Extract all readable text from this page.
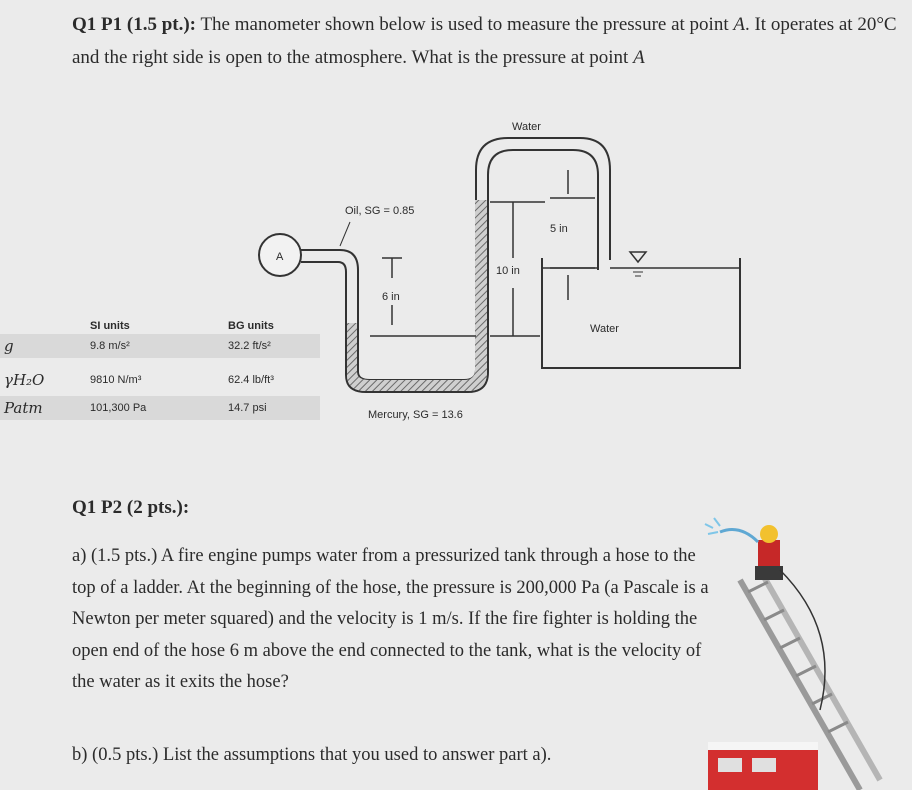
Q1 P1 (1.5 pt.): The manometer shown below is used to measure the pressure at point A. It operates at 20°C and the right side is open to the atmosphere. What is the pressure at point A
SI units	BG units
g	9.8 m/s²	32.2 ft/s²
γH₂O	9810 N/m³	62.4 lb/ft³
Patm	101,300 Pa	14.7 psi
A
Water
Oil, SG = 0.85
6 in
10 in
5 in
Water
Mercury, SG = 13.6
Q1 P2 (2 pts.):
a) (1.5 pts.) A fire engine pumps water from a pressurized tank through a hose to the top of a ladder. At the beginning of the hose, the pressure is 200,000 Pa (a Pascale is a Newton per meter squared) and the velocity is 1 m/s. If the fire fighter is holding the open end of the hose 6 m above the end connected to the tank, what is the velocity of the water as it exits the hose?
b) (0.5 pts.) List the assumptions that you used to answer part a).
